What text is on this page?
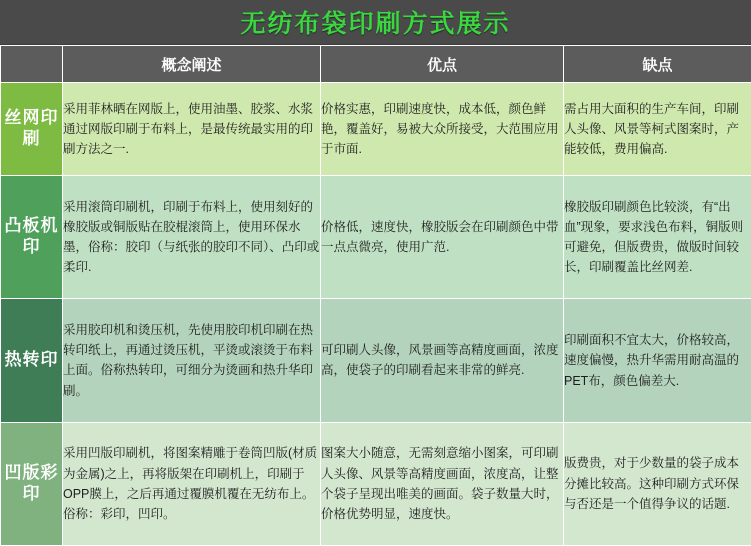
无纺布袋印刷方式展示
	概念阐述	优点	缺点
丝网印刷	采用菲林晒在网版上，使用油墨、胶浆、水浆通过网版印刷于布料上，是最传统最实用的印刷方法之一.	价格实惠，印刷速度快，成本低，颜色鲜艳，覆盖好，易被大众所接受，大范围应用于市面.	需占用大面积的生产车间，印刷人头像、风景等柯式图案时，产能较低，费用偏高.
凸板机印	采用滚筒印刷机，印刷于布料上，使用刻好的橡胶版或铜版贴在胶棍滚筒上，使用环保水墨，俗称：胶印（与纸张的胶印不同）、凸印或柔印.	价格低，速度快，橡胶版会在印刷颜色中带一点点微亮，使用广范.	橡胶版印刷颜色比较淡，有“出血”现象，要求浅色布料，铜版则可避免，但版费贵，做版时间较长，印刷覆盖比丝网差.
热转印	采用胶印机和烫压机，先使用胶印机印刷在热转印纸上，再通过烫压机，平烫或滚烫于布料上面。俗称热转印，可细分为烫画和热升华印刷。	可印刷人头像，风景画等高精度画面，浓度高，使袋子的印刷看起来非常的鲜亮.	印刷面积不宜太大，价格较高，速度偏慢，热升华需用耐高温的PET布，颜色偏差大.
凹版彩印	采用凹版印刷机，将图案精雕于卷筒凹版(材质为金属)之上，再将版架在印刷机上，印刷于OPP膜上，之后再通过覆膜机覆在无纺布上。俗称：彩印，凹印。	图案大小随意，无需刻意缩小图案，可印刷人头像、风景等高精度画面，浓度高，让整个袋子呈现出唯美的画面。袋子数量大时，价格优势明显，速度快。	版费贵，对于少数量的袋子成本分摊比较高。这种印刷方式环保与否还是一个值得争议的话题.
